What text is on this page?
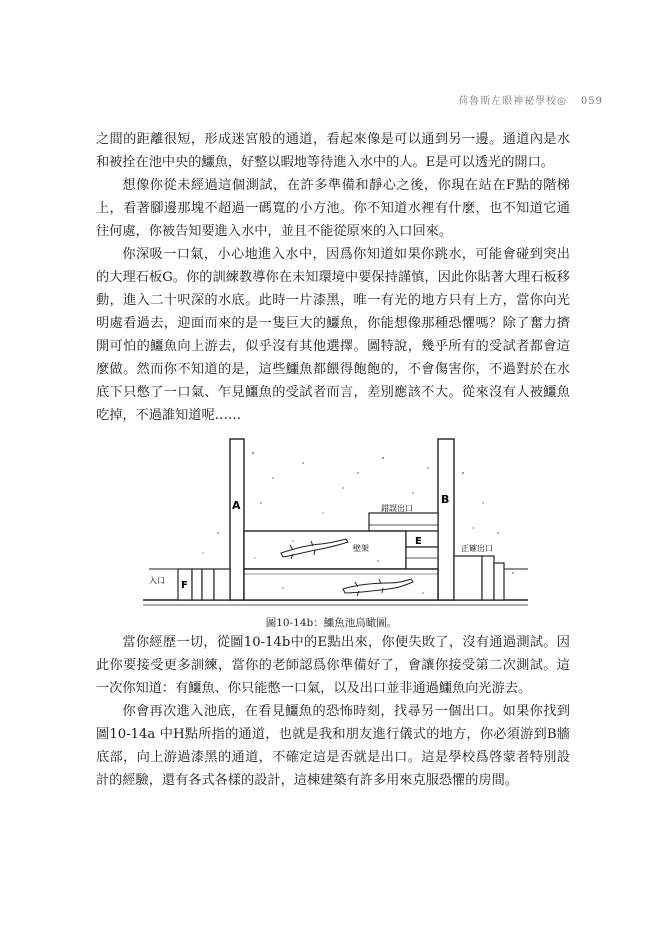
荷魯斯左眼神祕學校◎ 059

之間的距離很短，形成迷宮般的通道，看起來像是可以通到另一邊。通道內是水和被拴在池中央的鱷魚，好整以暇地等待進入水中的人。E是可以透光的開口。

想像你從未經過這個測試，在許多準備和靜心之後，你現在站在F點的階梯上，看著腳邊那塊不超過一碼寬的小方池。你不知道水裡有什麼，也不知道它通往何處，你被告知要進入水中，並且不能從原來的入口回來。

你深吸一口氣，小心地進入水中，因爲你知道如果你跳水，可能會碰到突出的大理石板G。你的訓練教導你在未知環境中要保持謹慎，因此你貼著大理石板移動，進入二十呎深的水底。此時一片漆黑，唯一有光的地方只有上方，當你向光明處看過去，迎面而來的是一隻巨大的鱷魚，你能想像那種恐懼嗎？除了奮力擠開可怕的鱷魚向上游去，似乎沒有其他選擇。圖特說，幾乎所有的受試者都會這麼做。然而你不知道的是，這些鱷魚都餵得飽飽的，不會傷害你，不過對於在水底下只憋了一口氣、乍見鱷魚的受試者而言，差別應該不大。從來沒有人被鱷魚吃掉，不過誰知道呢……

A	B
E
F
錯誤出口
壁架	正確出口
入口
圖10-14b：鱷魚池鳥瞰圖。

當你經歷一切，從圖10-14b中的E點出來，你便失敗了，沒有通過測試。因此你要接受更多訓練，當你的老師認爲你準備好了，會讓你接受第二次測試。這一次你知道：有鱷魚、你只能憋一口氣，以及出口並非通過鱷魚向光游去。

你會再次進入池底，在看見鱷魚的恐怖時刻，找尋另一個出口。如果你找到圖10-14a 中H點所指的通道，也就是我和朋友進行儀式的地方，你必須游到B牆底部，向上游過漆黑的通道，不確定這是否就是出口。這是學校爲啓蒙者特別設計的經驗，還有各式各樣的設計，這棟建築有許多用來克服恐懼的房間。
